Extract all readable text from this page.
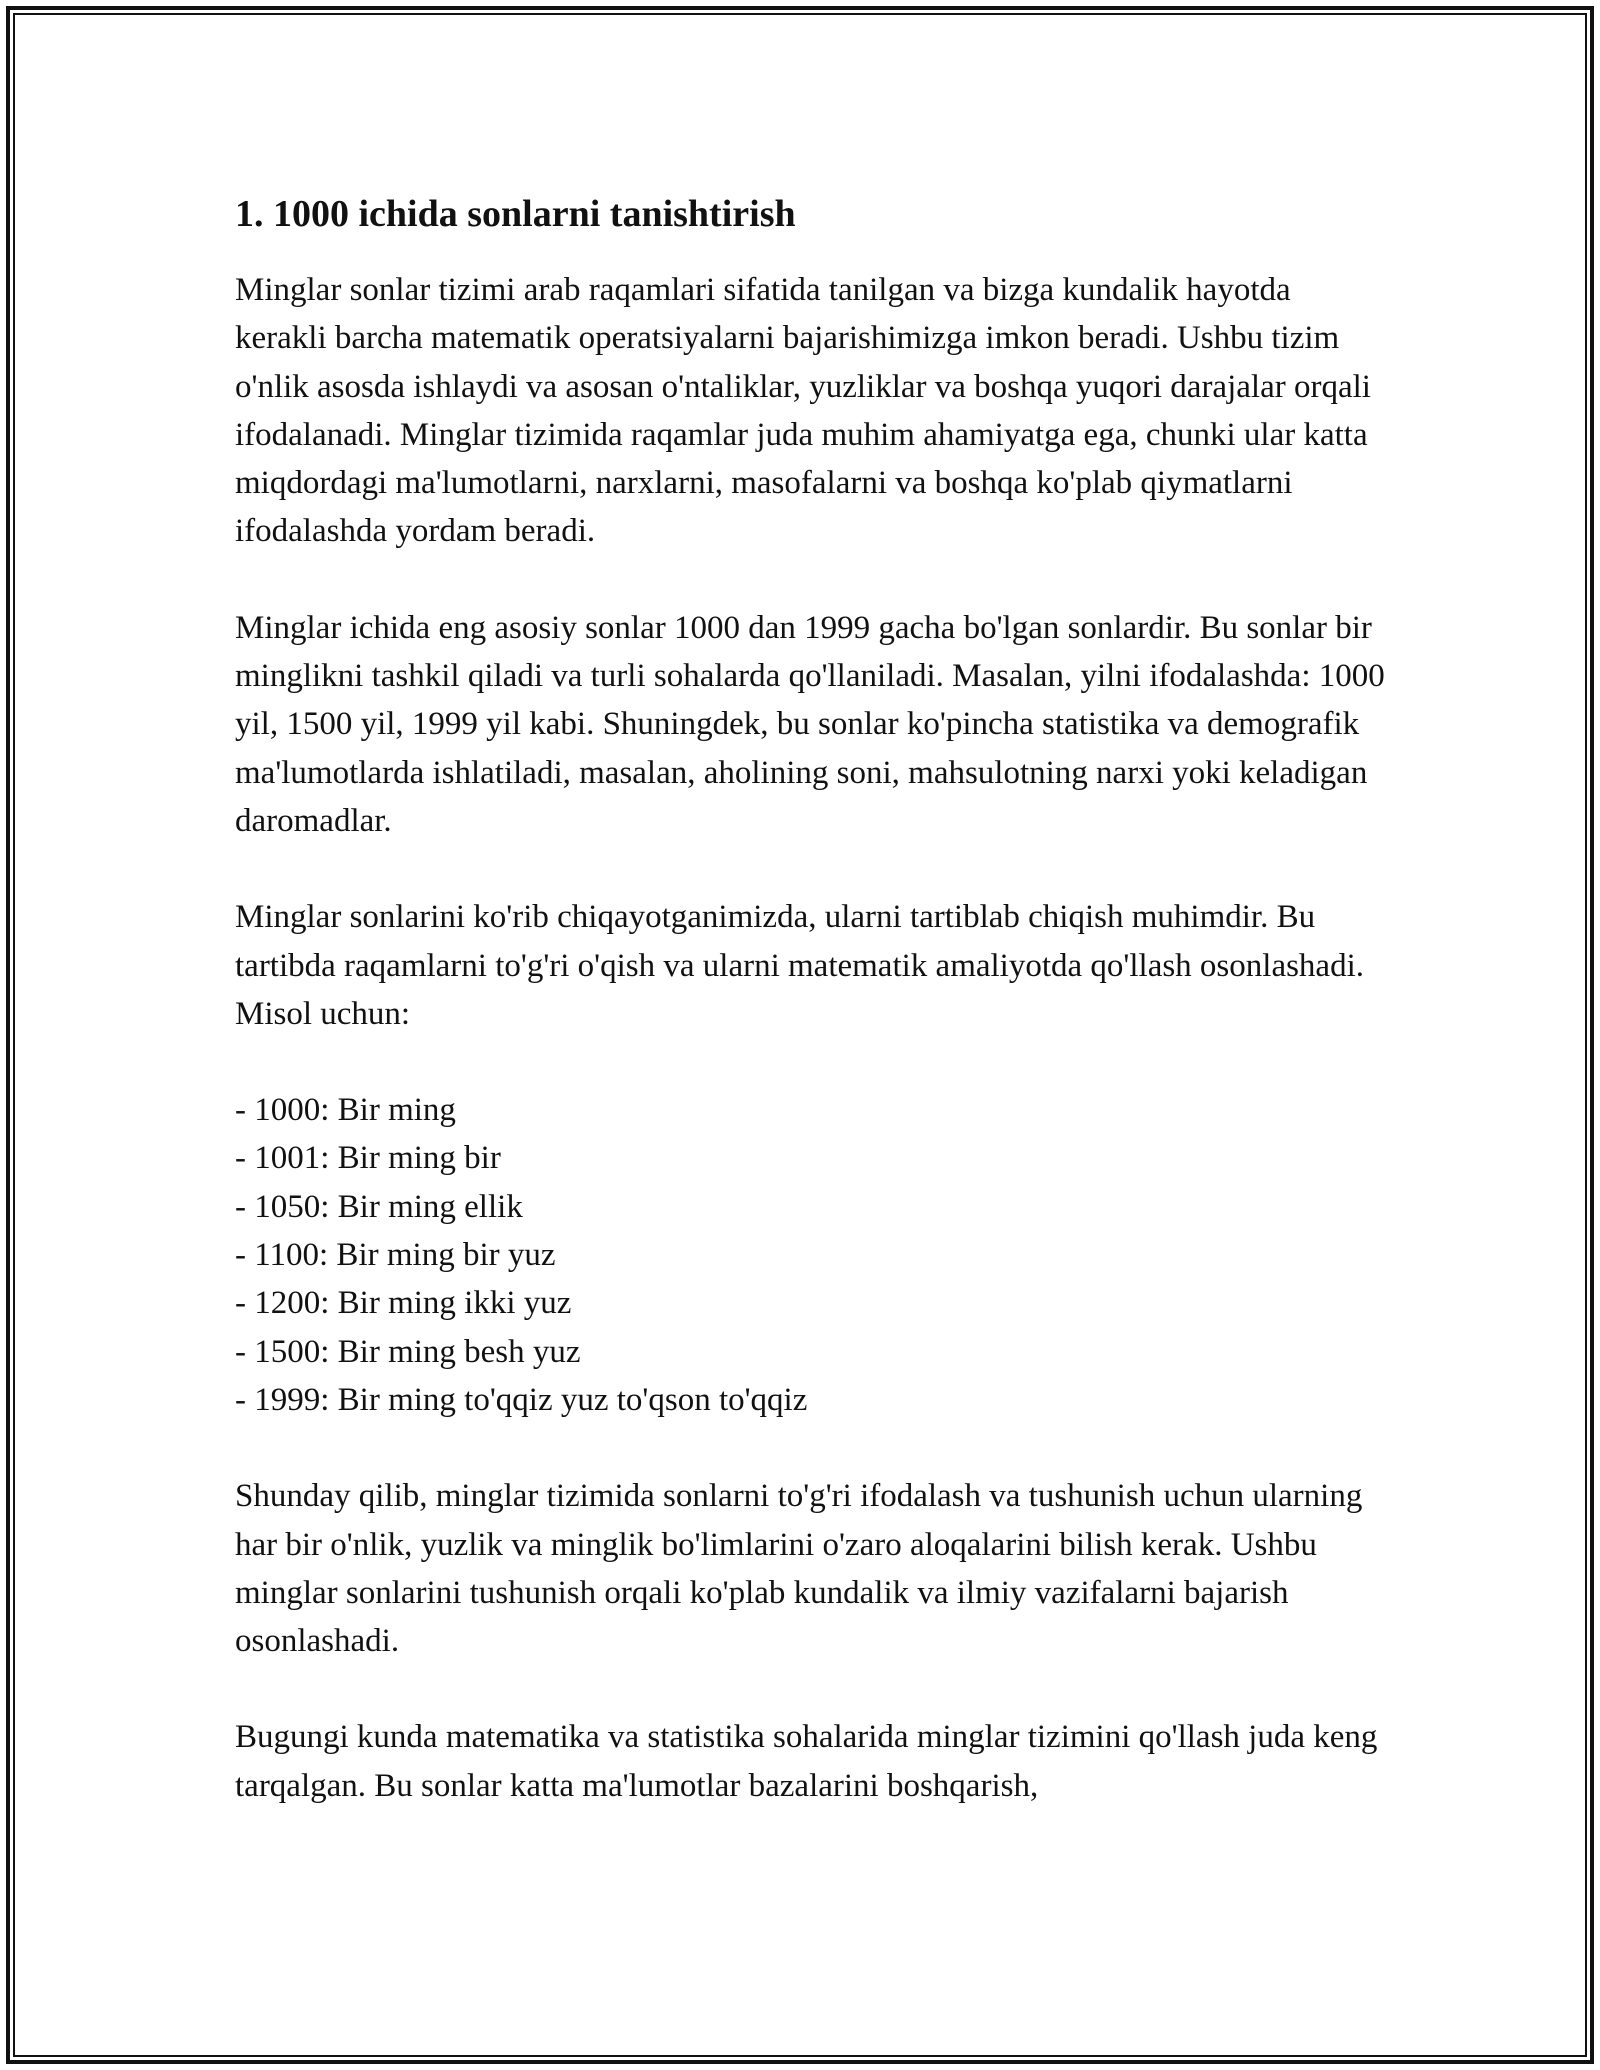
1. 1000 ichida sonlarni tanishtirish

Minglar sonlar tizimi arab raqamlari sifatida tanilgan va bizga kundalik hayotda kerakli barcha matematik operatsiyalarni bajarishimizga imkon beradi. Ushbu tizim o'nlik asosda ishlaydi va asosan o'ntaliklar, yuzliklar va boshqa yuqori darajalar orqali ifodalanadi. Minglar tizimida raqamlar juda muhim ahamiyatga ega, chunki ular katta miqdordagi ma'lumotlarni, narxlarni, masofalarni va boshqa ko'plab qiymatlarni ifodalashda yordam beradi.

Minglar ichida eng asosiy sonlar 1000 dan 1999 gacha bo'lgan sonlardir. Bu sonlar bir minglikni tashkil qiladi va turli sohalarda qo'llaniladi. Masalan, yilni ifodalashda: 1000 yil, 1500 yil, 1999 yil kabi. Shuningdek, bu sonlar ko'pincha statistika va demografik ma'lumotlarda ishlatiladi, masalan, aholining soni, mahsulotning narxi yoki keladigan daromadlar.

Minglar sonlarini ko'rib chiqayotganimizda, ularni tartiblab chiqish muhimdir. Bu tartibda raqamlarni to'g'ri o'qish va ularni matematik amaliyotda qo'llash osonlashadi. Misol uchun:

- 1000: Bir ming
- 1001: Bir ming bir
- 1050: Bir ming ellik
- 1100: Bir ming bir yuz
- 1200: Bir ming ikki yuz
- 1500: Bir ming besh yuz
- 1999: Bir ming to'qqiz yuz to'qson to'qqiz

Shunday qilib, minglar tizimida sonlarni to'g'ri ifodalash va tushunish uchun ularning har bir o'nlik, yuzlik va minglik bo'limlarini o'zaro aloqalarini bilish kerak. Ushbu minglar sonlarini tushunish orqali ko'plab kundalik va ilmiy vazifalarni bajarish osonlashadi.

Bugungi kunda matematika va statistika sohalarida minglar tizimini qo'llash juda keng tarqalgan. Bu sonlar katta ma'lumotlar bazalarini boshqarish,
